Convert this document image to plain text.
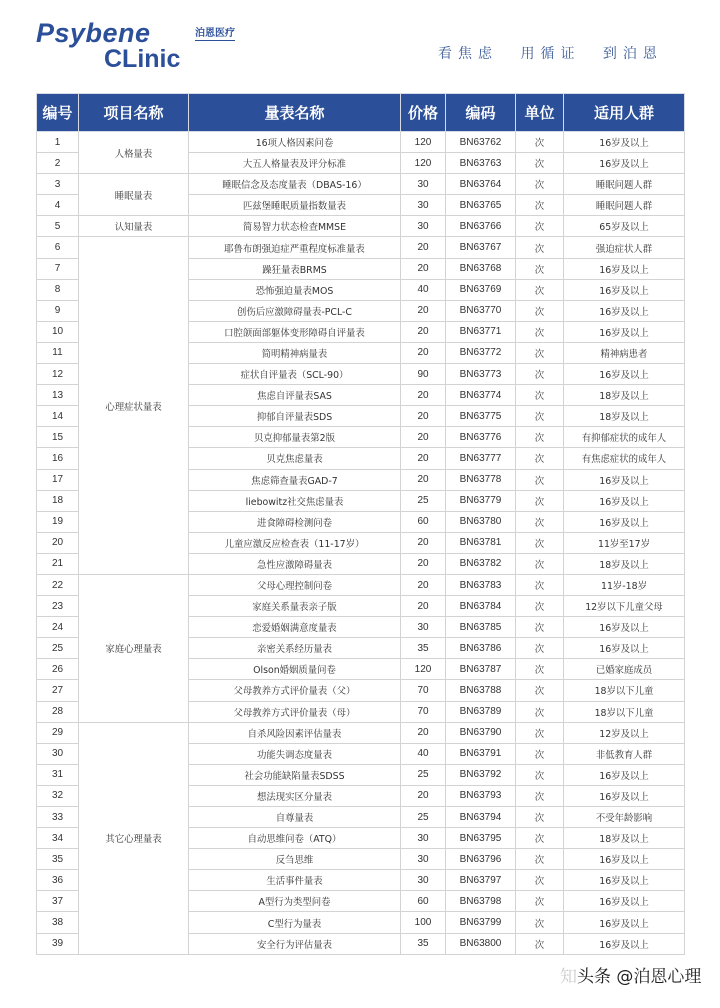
Psybene	泊恩医疗
CLinic	看焦虑 用循证 到泊恩
编号	项目名称	量表名称	价格	编码	单位	适用人群
1	人格量表	16项人格因素问卷	120	BN63762	次	16岁及以上
2		大五人格量表及评分标准	120	BN63763	次	16岁及以上
3	睡眠量表	睡眠信念及态度量表（DBAS-16）	30	BN63764	次	睡眠问题人群
4		匹兹堡睡眠质量指数量表	30	BN63765	次	睡眠问题人群
5	认知量表	简易智力状态检查MMSE	30	BN63766	次	65岁及以上
6	心理症状量表	耶鲁布朗强迫症严重程度标准量表	20	BN63767	次	强迫症状人群
7		躁狂量表BRMS	20	BN63768	次	16岁及以上
8		恐怖强迫量表MOS	40	BN63769	次	16岁及以上
9		创伤后应激障碍量表-PCL-C	20	BN63770	次	16岁及以上
10		口腔颌面部躯体变形障碍自评量表	20	BN63771	次	16岁及以上
11		简明精神病量表	20	BN63772	次	精神病患者
12		症状自评量表（SCL-90）	90	BN63773	次	16岁及以上
13		焦虑自评量表SAS	20	BN63774	次	18岁及以上
14		抑郁自评量表SDS	20	BN63775	次	18岁及以上
15		贝克抑郁量表第2版	20	BN63776	次	有抑郁症状的成年人
16		贝克焦虑量表	20	BN63777	次	有焦虑症状的成年人
17		焦虑筛查量表GAD-7	20	BN63778	次	16岁及以上
18		liebowitz社交焦虑量表	25	BN63779	次	16岁及以上
19		进食障碍检测问卷	60	BN63780	次	16岁及以上
20		儿童应激反应检查表（11-17岁）	20	BN63781	次	11岁至17岁
21		急性应激障碍量表	20	BN63782	次	18岁及以上
22	家庭心理量表	父母心理控制问卷	20	BN63783	次	11岁-18岁
23		家庭关系量表亲子版	20	BN63784	次	12岁以下儿童父母
24		恋爱婚姻满意度量表	30	BN63785	次	16岁及以上
25		亲密关系经历量表	35	BN63786	次	16岁及以上
26		Olson婚姻质量问卷	120	BN63787	次	已婚家庭成员
27		父母教养方式评价量表（父）	70	BN63788	次	18岁以下儿童
28		父母教养方式评价量表（母）	70	BN63789	次	18岁以下儿童
29	其它心理量表	自杀风险因素评估量表	20	BN63790	次	12岁及以上
30		功能失调态度量表	40	BN63791	次	非低教育人群
31		社会功能缺陷量表SDSS	25	BN63792	次	16岁及以上
32		想法现实区分量表	20	BN63793	次	16岁及以上
33		自尊量表	25	BN63794	次	不受年龄影响
34		自动思维问卷（ATQ）	30	BN63795	次	18岁及以上
35		反刍思维	30	BN63796	次	16岁及以上
36		生活事件量表	30	BN63797	次	16岁及以上
37		A型行为类型问卷	60	BN63798	次	16岁及以上
38		C型行为量表	100	BN63799	次	16岁及以上
39		安全行为评估量表	35	BN63800	次	16岁及以上
知头条 @泊恩心理
